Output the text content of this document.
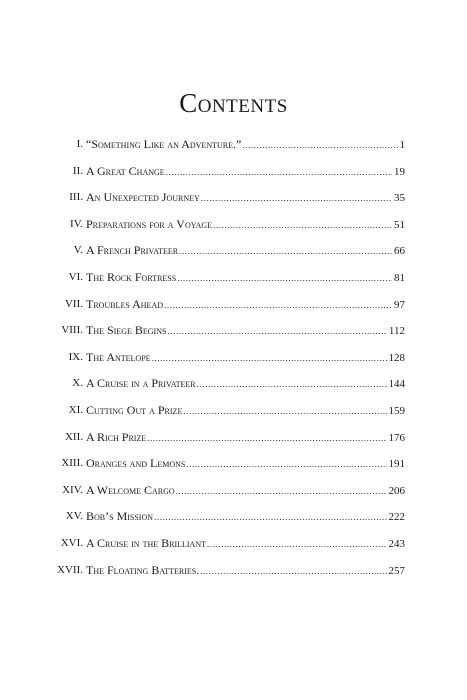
Contents
I. “Something Like an Adventure.” .....	1
II. A Great Change .....	19
III. An Unexpected Journey .....	35
IV. Preparations for a Voyage .....	51
V. A French Privateer .....	66
VI. The Rock Fortress .....	81
VII. Troubles Ahead .....	97
VIII. The Siege Begins .....	112
IX. The Antelope .....	128
X. A Cruise in a Privateer .....	144
XI. Cutting Out a Prize .....	159
XII. A Rich Prize .....	176
XIII. Oranges and Lemons .....	191
XIV. A Welcome Cargo .....	206
XV. Bob’s Mission .....	222
XVI. A Cruise in the Brilliant .....	243
XVII. The Floating Batteries. .....	257
